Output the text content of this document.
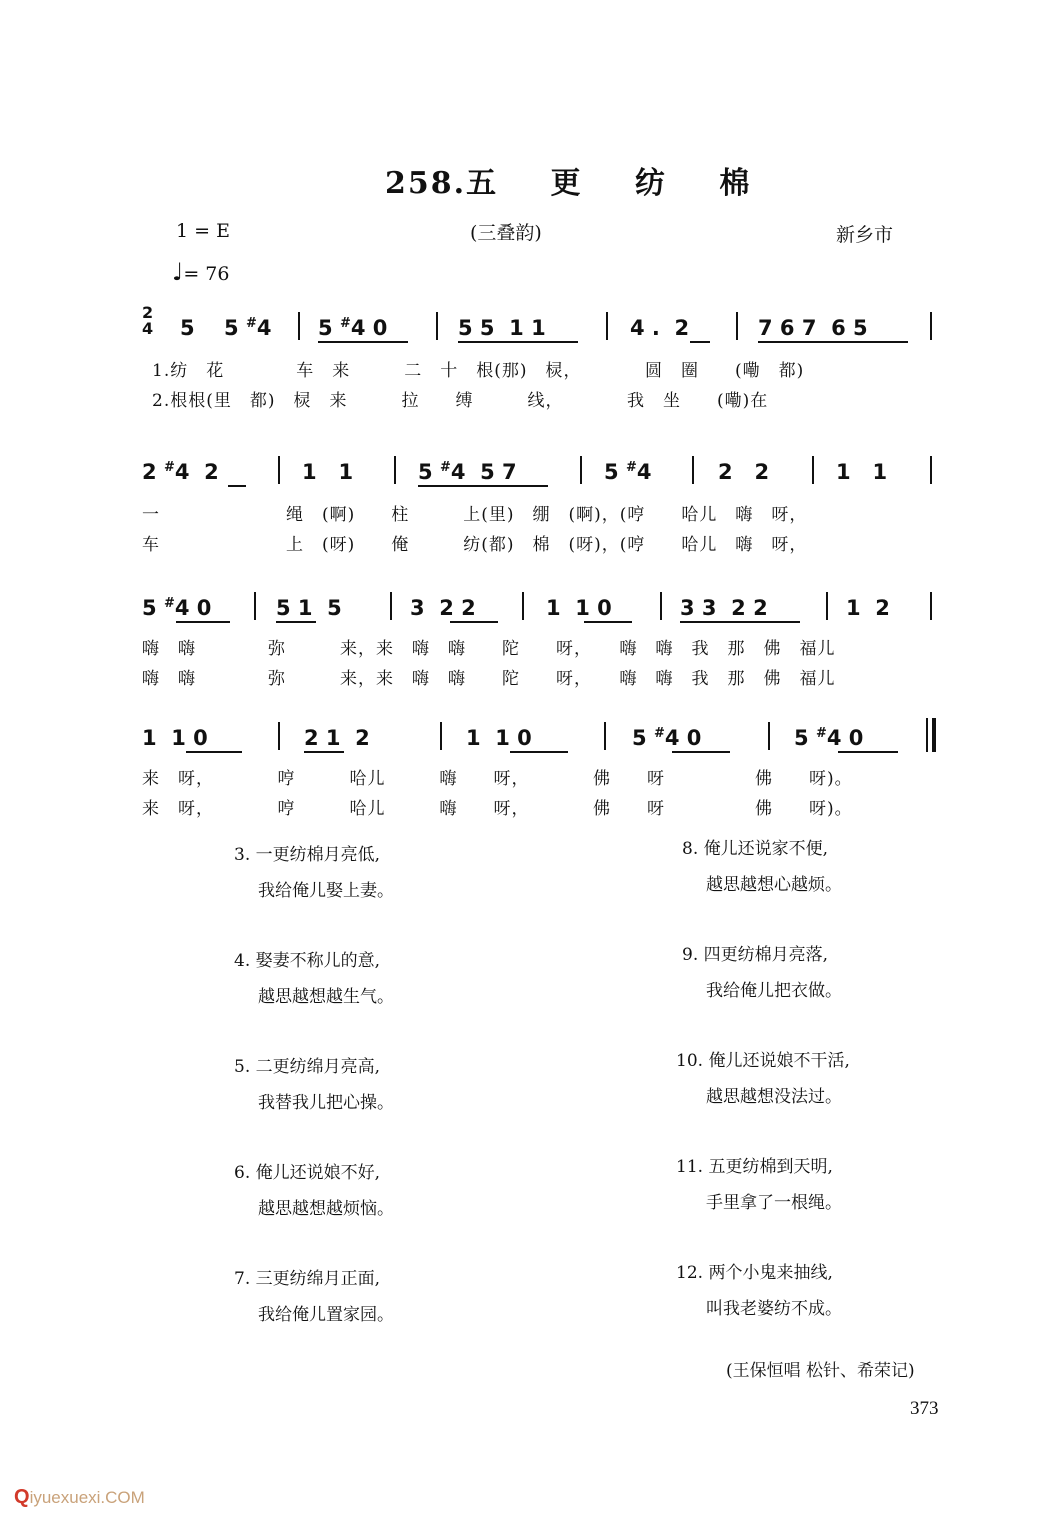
258.五 更 纺 棉
1 = E	(三叠韵)	新乡市
♩= 76
2
4 5 5 #4 5 #4 0	5 5  1 1	4 .  2	7 6 7  6 5
1.纺　花　　　　车　来　　　二　十　根(那)　棂，　　　　圆　圈　　(嘞　都)
2.根根(里　都)　棂　来　　　拉　　缚　　　线，　　　　我　坐　　(嘞)在
2 #4  2	1   1	5 #4  5 7	5 #4	2   2	1   1
一　　　　　　　绳　(啊)　　柱　　　上(里)　绷　(啊)，(哼　　哈儿　嗨　呀，
车　　　　　　　上　(呀)　　俺　　　纺(都)　棉　(呀)，(哼　　哈儿　嗨　呀，
5 #4 0	5 1  5	3  2 2	1  1 0	3 3  2 2	1  2
嗨　嗨　　　　弥　　　来，来　嗨　嗨　　陀　　呀，　　嗨　嗨　我　那　佛　福儿
嗨　嗨　　　　弥　　　来，来　嗨　嗨　　陀　　呀，　　嗨　嗨　我　那　佛　福儿
1  1 0	2 1  2	1  1 0	5 #4 0	5 #4 0
来　呀，　　　　哼　　　哈儿　　　嗨　　呀，　　　　佛　　呀　　　　　佛　　呀)。
来　呀，　　　　哼　　　哈儿　　　嗨　　呀，　　　　佛　　呀　　　　　佛　　呀)。
3. 一更纺棉月亮低,
我给俺儿娶上妻。
4. 娶妻不称儿的意,
越思越想越生气。
5. 二更纺绵月亮高,
我替我儿把心操。
6. 俺儿还说娘不好,
越思越想越烦恼。
7. 三更纺绵月正面,
我给俺儿置家园。
8. 俺儿还说家不便,
越思越想心越烦。
9. 四更纺棉月亮落,
我给俺儿把衣做。
10. 俺儿还说娘不干活,
越思越想没法过。
11. 五更纺棉到天明,
手里拿了一根绳。
12. 两个小鬼来抽线,
叫我老婆纺不成。
(王保恒唱 松针、希荣记)
373
Qiyuexuexi.COM
